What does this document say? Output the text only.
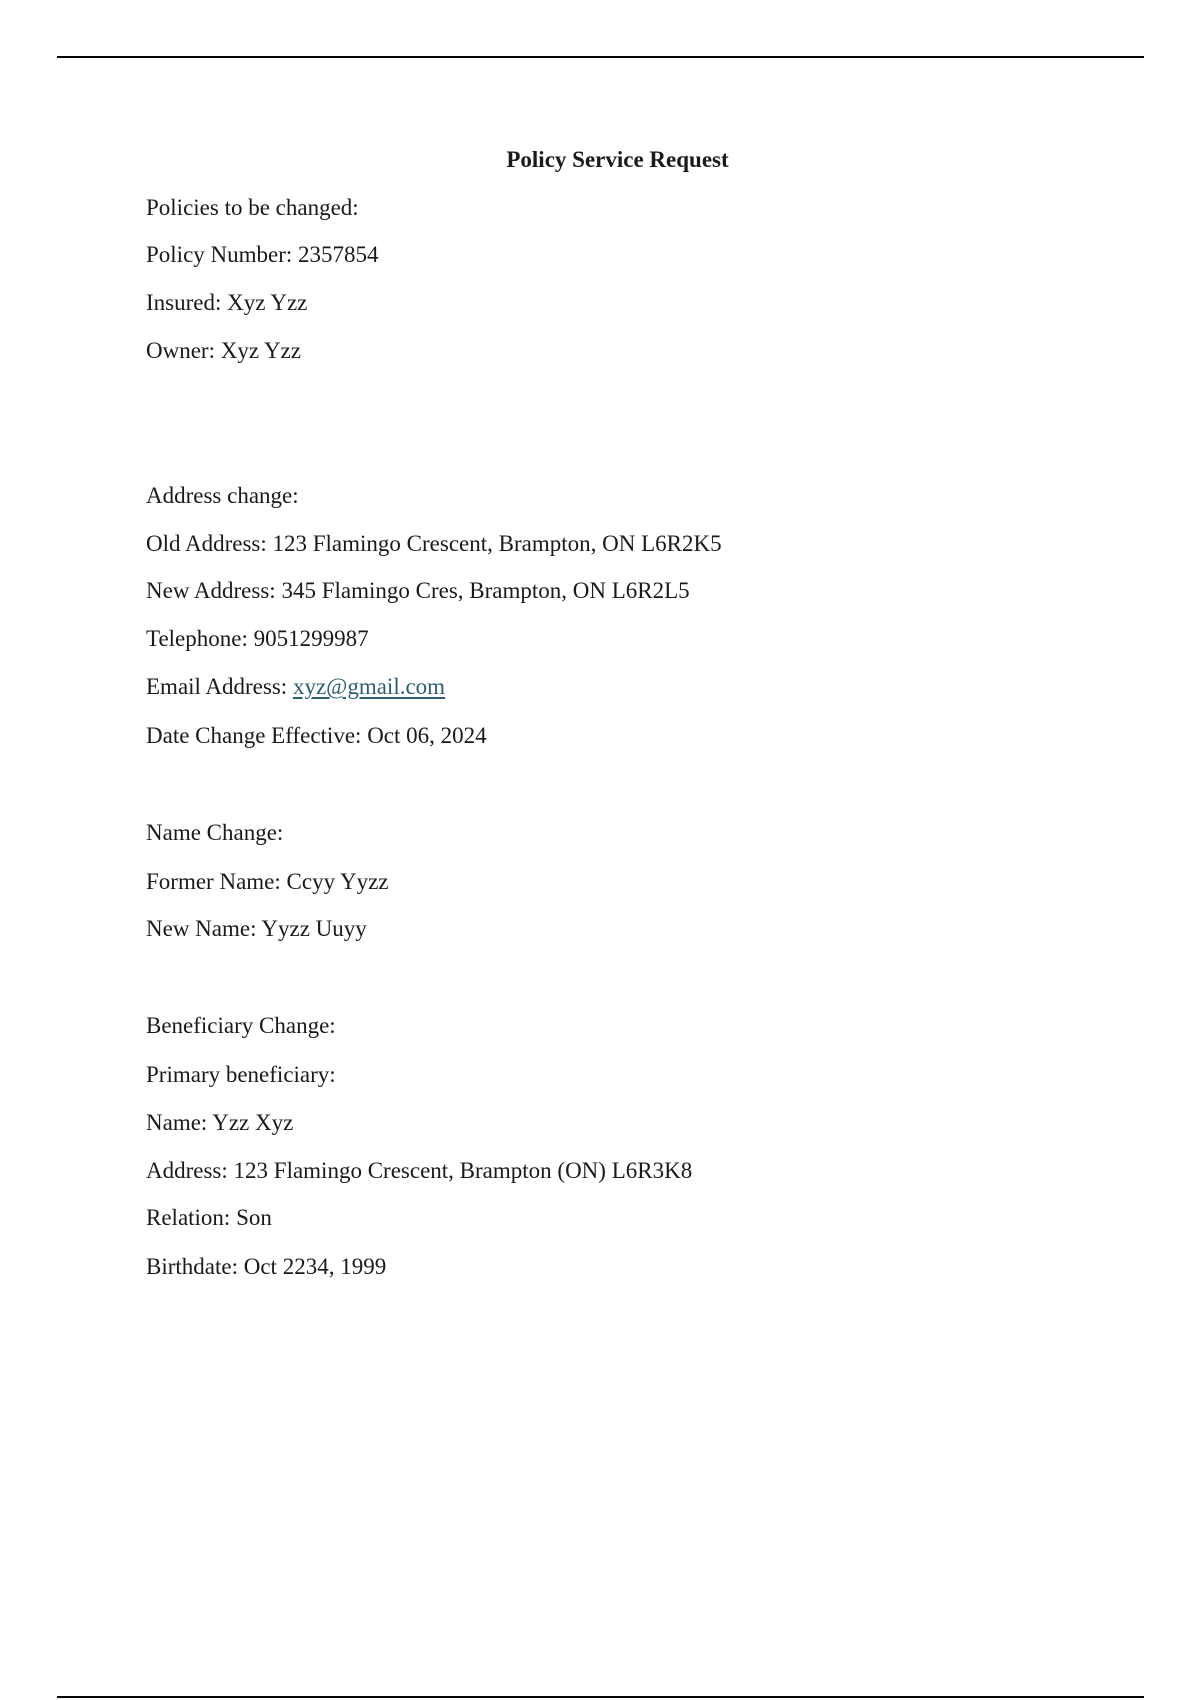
Policy Service Request

Policies to be changed:

Policy Number: 2357854

Insured: Xyz Yzz

Owner: Xyz Yzz

Address change:

Old Address: 123 Flamingo Crescent, Brampton, ON L6R2K5

New Address: 345 Flamingo Cres, Brampton, ON L6R2L5

Telephone: 9051299987

Email Address: xyz@gmail.com

Date Change Effective: Oct 06, 2024

Name Change:

Former Name: Ccyy Yyzz

New Name: Yyzz Uuyy

Beneficiary Change:

Primary beneficiary:

Name: Yzz Xyz

Address: 123 Flamingo Crescent, Brampton (ON) L6R3K8

Relation: Son

Birthdate: Oct 2234, 1999
